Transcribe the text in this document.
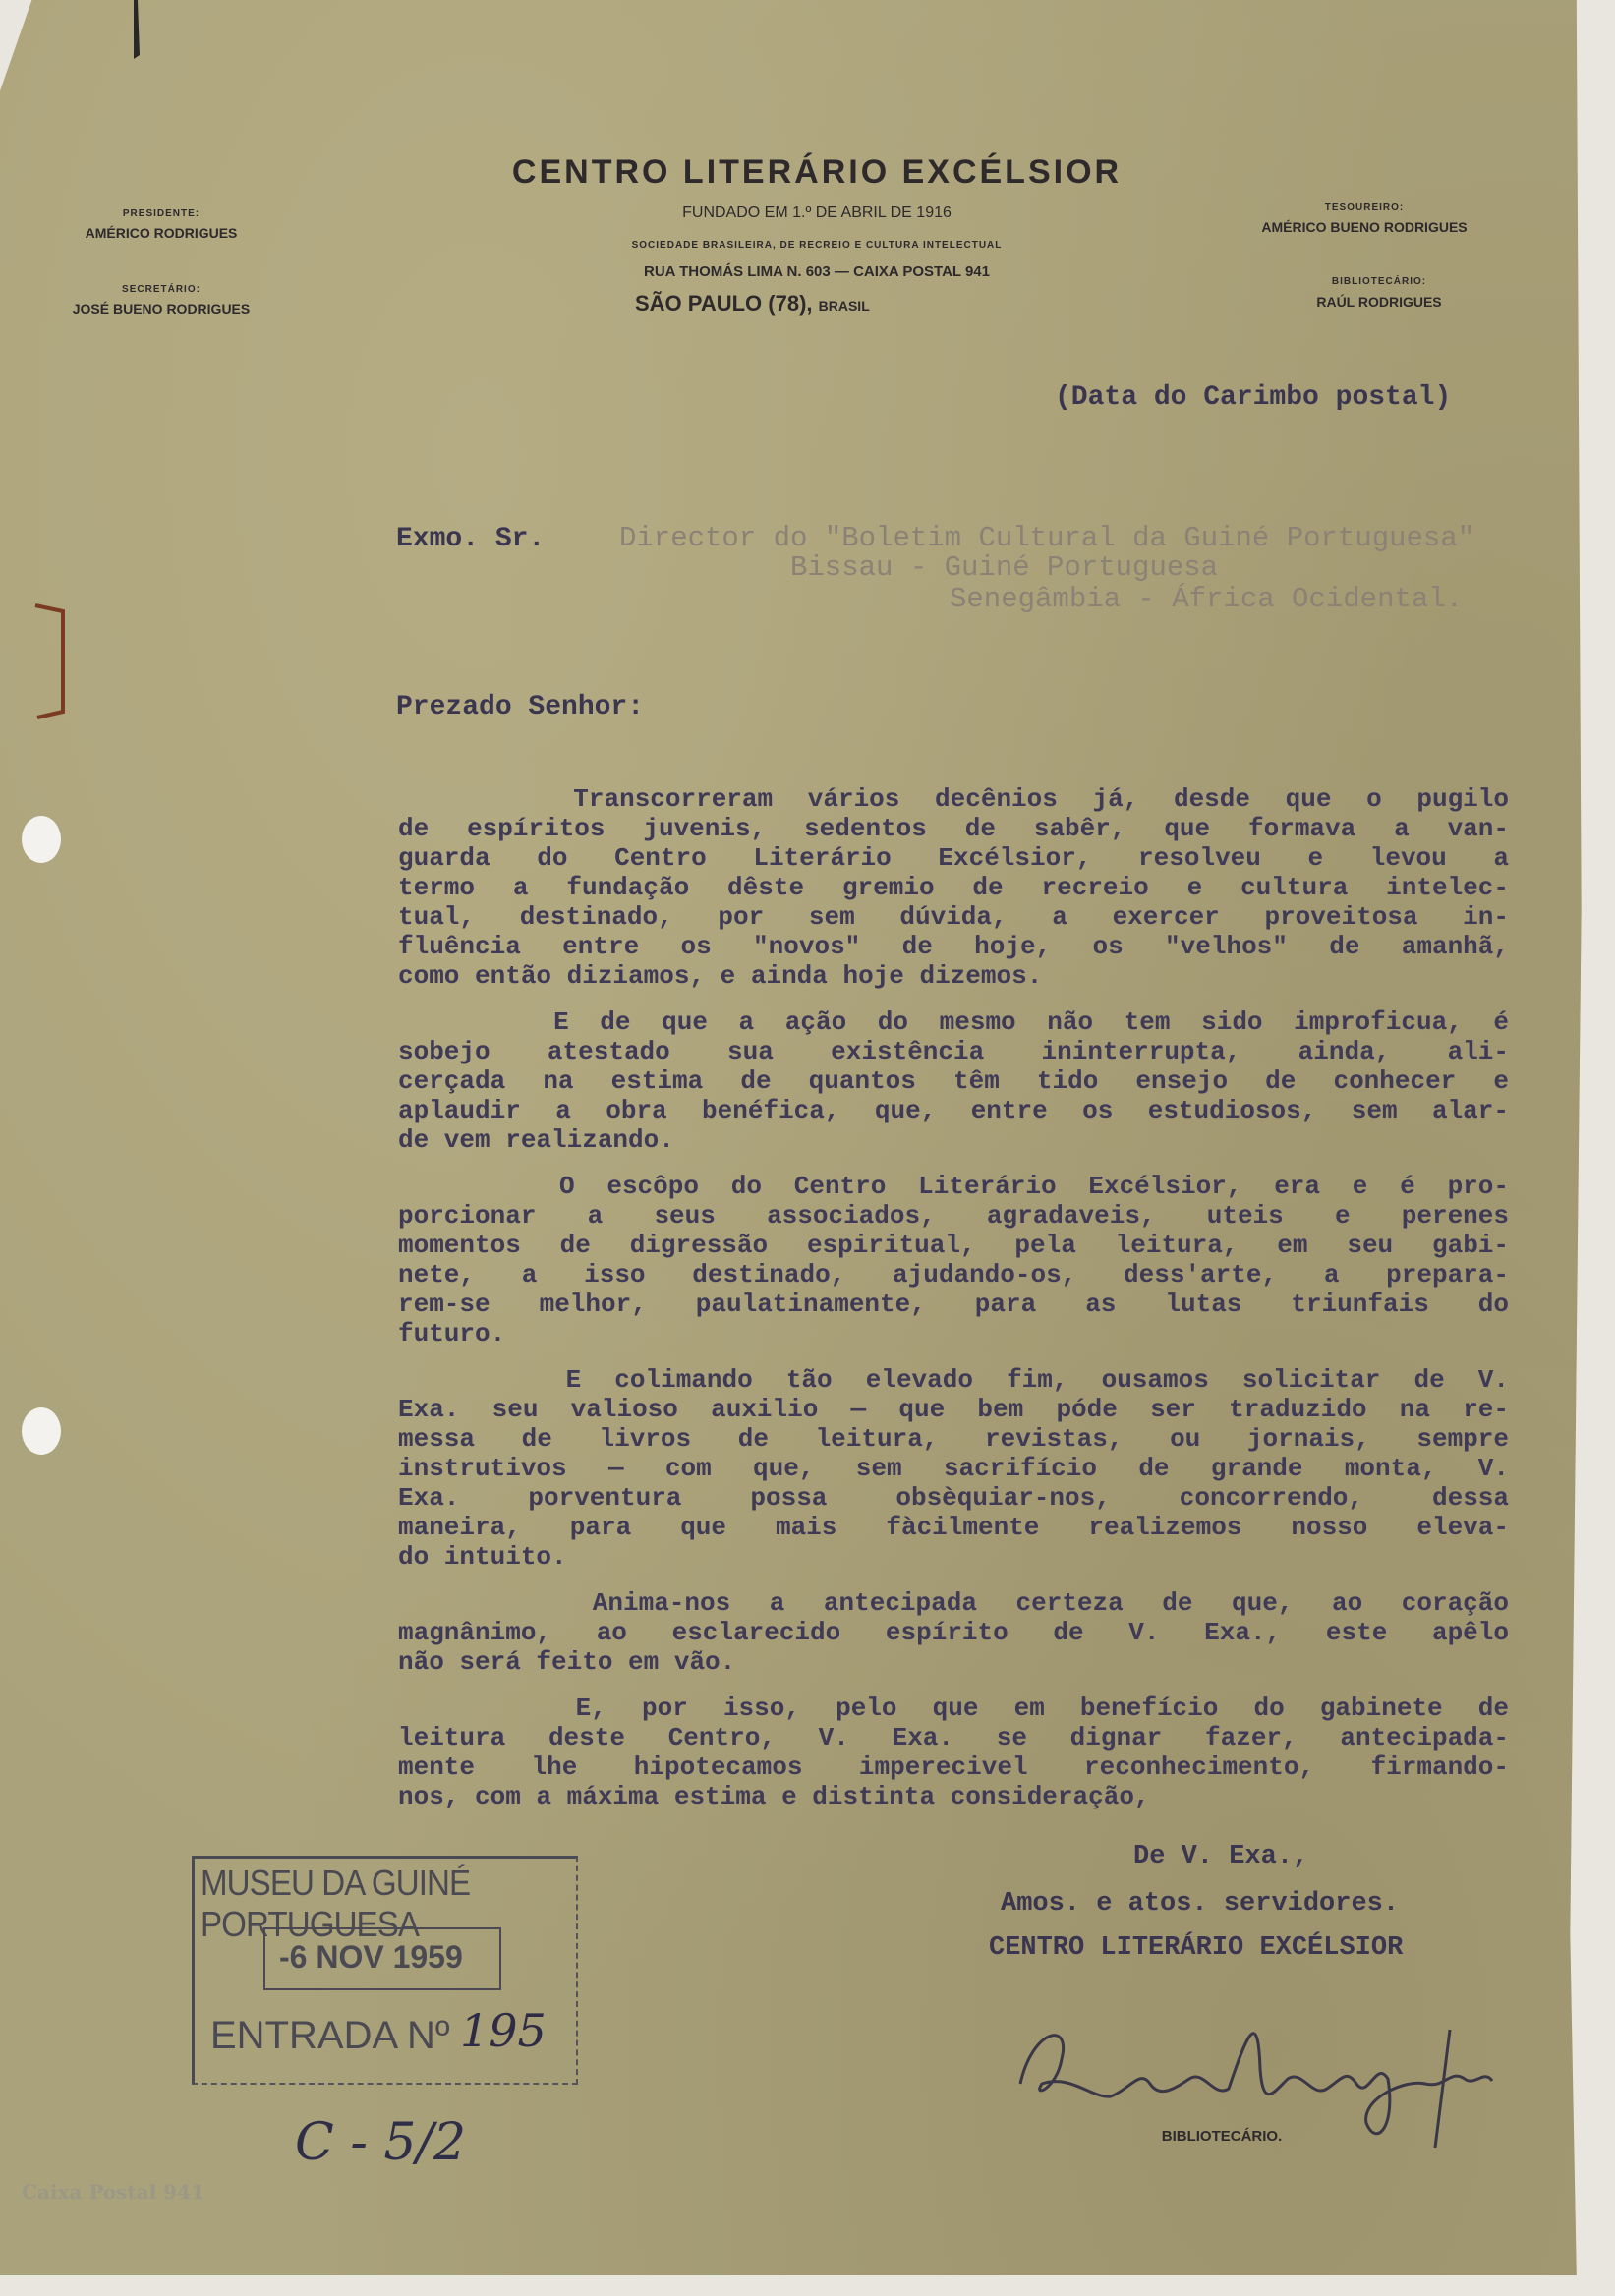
CENTRO LITERÁRIO EXCÉLSIOR
FUNDADO EM 1.º DE ABRIL DE 1916
SOCIEDADE BRASILEIRA, DE RECREIO E CULTURA INTELECTUAL
RUA THOMÁS LIMA N. 603 — CAIXA POSTAL 941
SÃO PAULO (78), BRASIL
PRESIDENTE:
AMÉRICO RODRIGUES
SECRETÁRIO:
JOSÉ BUENO RODRIGUES
TESOUREIRO:
AMÉRICO BUENO RODRIGUES
BIBLIOTECÁRIO:
RAÚL RODRIGUES
(Data do Carimbo postal)
Exmo. Sr.	Director do "Boletim Cultural da Guiné Portuguesa"
Bissau - Guiné Portuguesa
Senegâmbia - África Ocidental.
Prezado Senhor:
Transcorreram vários decênios já, desde que o pugilo
de espíritos juvenis, sedentos de sabêr, que formava a van-
guarda do Centro Literário Excélsior, resolveu e levou a
termo a fundação dêste gremio de recreio e cultura intelec-
tual, destinado, por sem dúvida, a exercer proveitosa in-
fluência entre os "novos" de hoje, os "velhos" de amanhã,
como então diziamos, e ainda hoje dizemos.
E de que a ação do mesmo não tem sido improficua, é
sobejo atestado sua existência ininterrupta, ainda, ali-
cerçada na estima de quantos têm tido ensejo de conhecer e
aplaudir a obra benéfica, que, entre os estudiosos, sem alar-
de vem realizando.
O escôpo do Centro Literário Excélsior, era e é pro-
porcionar a seus associados, agradaveis, uteis e perenes
momentos de digressão espiritual, pela leitura, em seu gabi-
nete, a isso destinado, ajudando-os, dess'arte, a prepara-
rem-se melhor, paulatinamente, para as lutas triunfais do
futuro.
E colimando tão elevado fim, ousamos solicitar de V.
Exa. seu valioso auxilio — que bem póde ser traduzido na re-
messa de livros de leitura, revistas, ou jornais, sempre
instrutivos — com que, sem sacrifício de grande monta, V.
Exa. porventura possa obsèquiar-nos, concorrendo, dessa
maneira, para que mais fàcilmente realizemos nosso eleva-
do intuito.
Anima-nos a antecipada certeza de que, ao coração
magnânimo, ao esclarecido espírito de V. Exa., este apêlo
não será feito em vão.
E, por isso, pelo que em benefício do gabinete de
leitura deste Centro, V. Exa. se dignar fazer, antecipada-
mente lhe hipotecamos imperecivel reconhecimento, firmando-
nos, com a máxima estima e distinta consideração,
De V. Exa.,
Amos. e atos. servidores.
CENTRO LITERÁRIO EXCÉLSIOR
BIBLIOTECÁRIO.
MUSEU DA GUINÉ PORTUGUESA
-6 NOV 1959
ENTRADA Nº 195
C - 5/2
Caixa Postal 941
